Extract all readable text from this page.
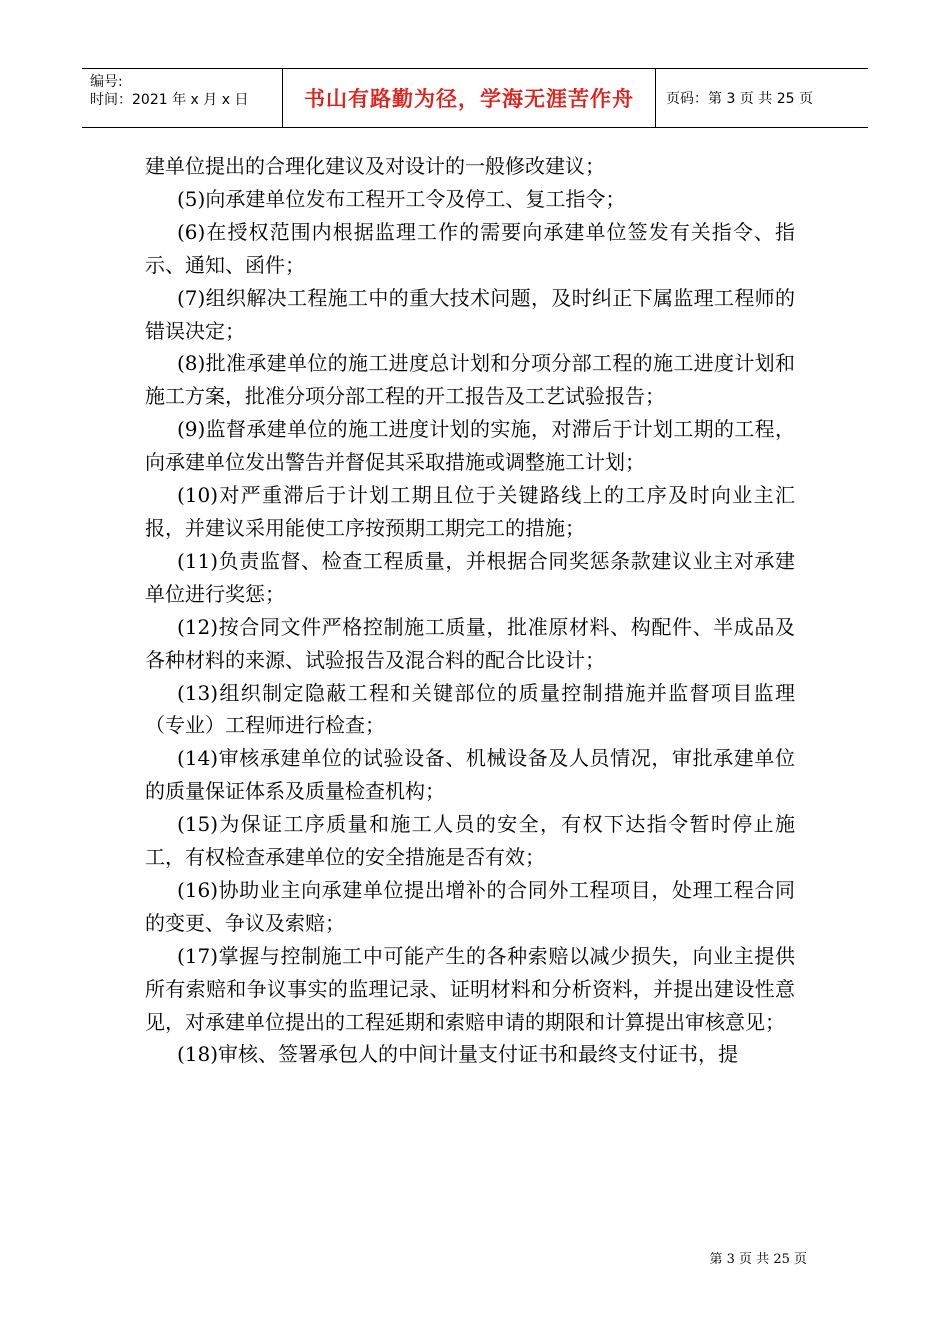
编号:
时间：2021 年 x 月 x 日	书山有路勤为径，学海无涯苦作舟	页码：第 3 页 共 25 页

建单位提出的合理化建议及对设计的一般修改建议；

(5)向承建单位发布工程开工令及停工、复工指令；

(6)在授权范围内根据监理工作的需要向承建单位签发有关指令、指示、通知、函件；

(7)组织解决工程施工中的重大技术问题，及时纠正下属监理工程师的错误决定；

(8)批准承建单位的施工进度总计划和分项分部工程的施工进度计划和施工方案，批准分项分部工程的开工报告及工艺试验报告；

(9)监督承建单位的施工进度计划的实施，对滞后于计划工期的工程，向承建单位发出警告并督促其采取措施或调整施工计划；

(10)对严重滞后于计划工期且位于关键路线上的工序及时向业主汇报，并建议采用能使工序按预期工期完工的措施；

(11)负责监督、检查工程质量，并根据合同奖惩条款建议业主对承建单位进行奖惩；

(12)按合同文件严格控制施工质量，批准原材料、构配件、半成品及各种材料的来源、试验报告及混合料的配合比设计；

(13)组织制定隐蔽工程和关键部位的质量控制措施并监督项目监理（专业）工程师进行检查；

(14)审核承建单位的试验设备、机械设备及人员情况，审批承建单位的质量保证体系及质量检查机构；

(15)为保证工序质量和施工人员的安全，有权下达指令暂时停止施工，有权检查承建单位的安全措施是否有效；

(16)协助业主向承建单位提出增补的合同外工程项目，处理工程合同的变更、争议及索赔；

(17)掌握与控制施工中可能产生的各种索赔以减少损失，向业主提供所有索赔和争议事实的监理记录、证明材料和分析资料，并提出建设性意见，对承建单位提出的工程延期和索赔申请的期限和计算提出审核意见；

(18)审核、签署承包人的中间计量支付证书和最终支付证书，提

第 3 页 共 25 页
